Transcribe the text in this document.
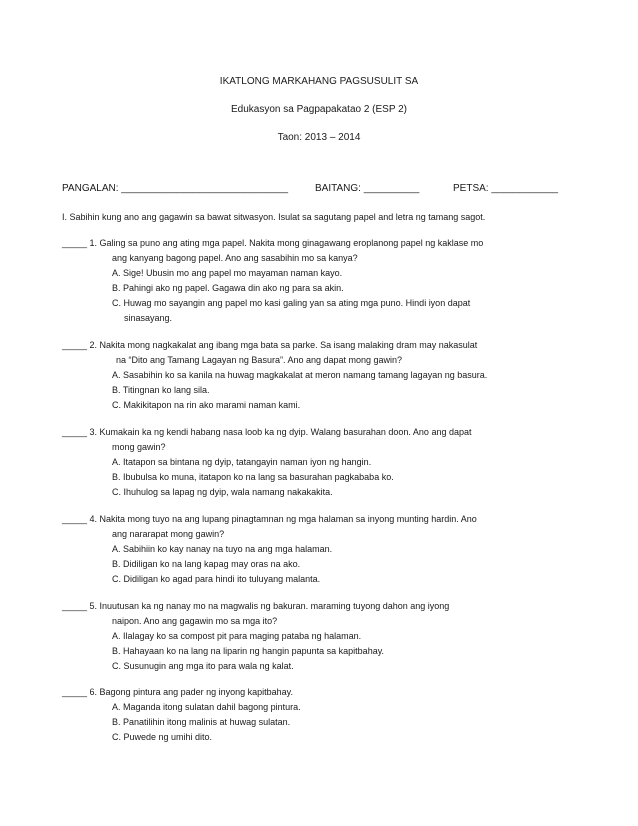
IKATLONG MARKAHANG PAGSUSULIT SA
Edukasyon sa Pagpapakatao 2 (ESP 2)
Taon: 2013 – 2014
PANGALAN: ______________________________	BAITANG: __________	PETSA: ____________
I. Sabihin kung ano ang gagawin sa bawat sitwasyon. Isulat sa sagutang papel and letra ng tamang sagot.
_____ 1. Galing sa puno ang ating mga papel. Nakita mong ginagawang eroplanong papel ng kaklase mo
ang kanyang bagong papel. Ano ang sasabihin mo sa kanya?
A. Sige! Ubusin mo ang papel mo mayaman naman kayo.
B. Pahingi ako ng papel. Gagawa din ako ng para sa akin.
C. Huwag mo sayangin ang papel mo kasi galing yan sa ating mga puno. Hindi iyon dapat
sinasayang.
_____ 2. Nakita mong nagkakalat ang ibang mga bata sa parke. Sa isang malaking dram may nakasulat
na “Dito ang Tamang Lagayan ng Basura”. Ano ang dapat mong gawin?
A. Sasabihin ko sa kanila na huwag magkakalat at meron namang tamang lagayan ng basura.
B. Titingnan ko lang sila.
C. Makikitapon na rin ako marami naman kami.
_____ 3. Kumakain ka ng kendi habang nasa loob ka ng dyip. Walang basurahan doon. Ano ang dapat
mong gawin?
A. Itatapon sa bintana ng dyip, tatangayin naman iyon ng hangin.
B. Ibubulsa ko muna, itatapon ko na lang sa basurahan pagkababa ko.
C. Ihuhulog sa lapag ng dyip, wala namang nakakakita.
_____ 4. Nakita mong tuyo na ang lupang pinagtamnan ng mga halaman sa inyong munting hardin. Ano
ang nararapat mong gawin?
A. Sabihiin ko kay nanay na tuyo na ang mga halaman.
B. Didiligan ko na lang kapag may oras na ako.
C. Didiligan ko agad para hindi ito tuluyang malanta.
_____ 5. Inuutusan ka ng nanay mo na magwalis ng bakuran. maraming tuyong dahon ang iyong
naipon. Ano ang gagawin mo sa mga ito?
A. Ilalagay ko sa compost pit para maging pataba ng halaman.
B. Hahayaan ko na lang na liparin ng hangin papunta sa kapitbahay.
C. Susunugin ang mga ito para wala ng kalat.
_____ 6. Bagong pintura ang pader ng inyong kapitbahay.
A. Maganda itong sulatan dahil bagong pintura.
B. Panatilihin itong malinis at huwag sulatan.
C. Puwede ng umihi dito.
